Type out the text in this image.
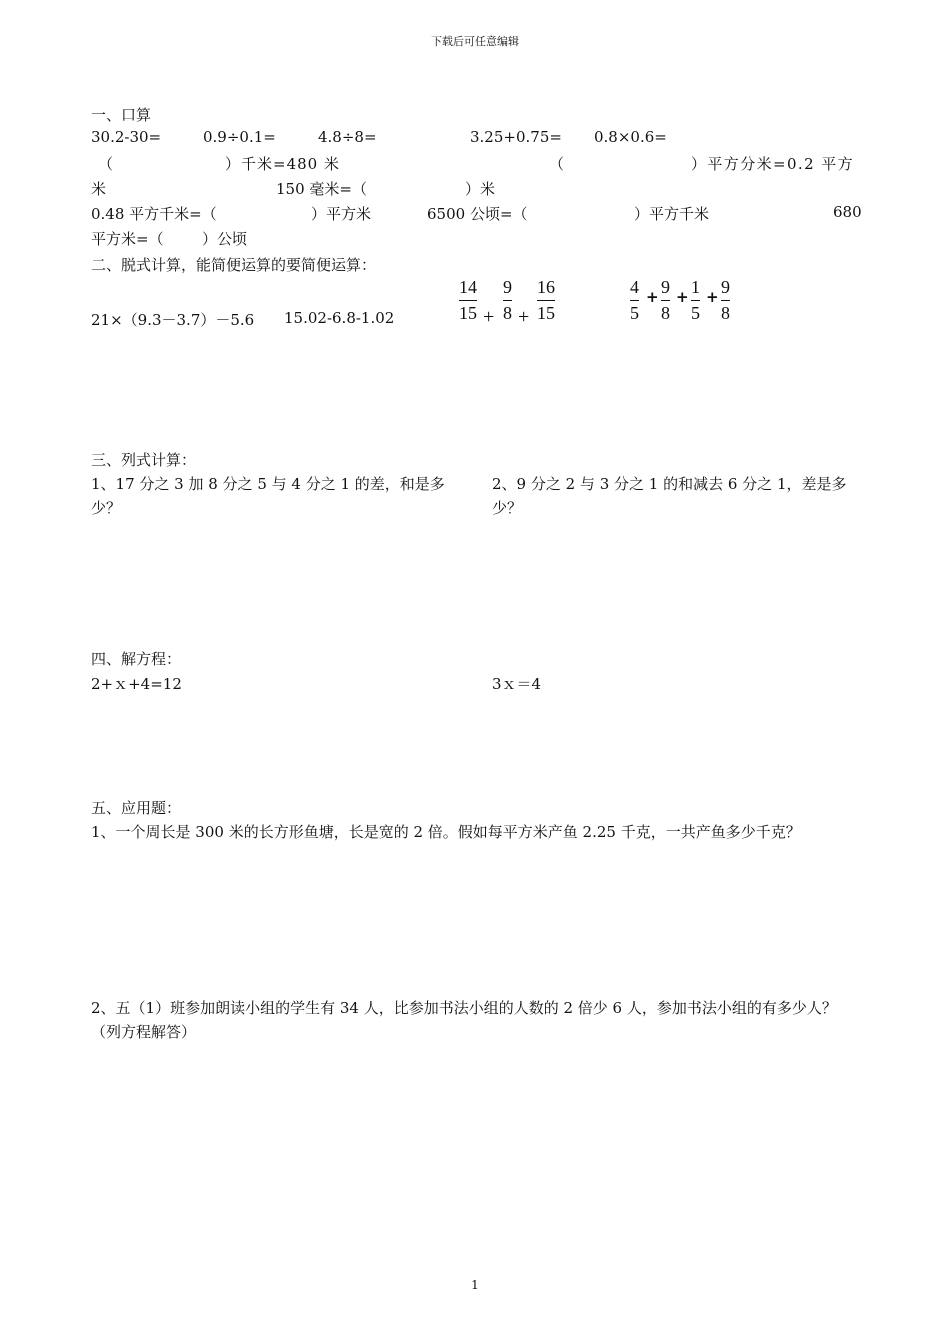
下载后可任意编辑
一、口算
30.2-30=	0.9÷0.1=	4.8÷8=	3.25+0.75= 0.8×0.6=
（	）千米=480 米	（	）平方分米=0.2 平方
米	150 毫米=（	）米
0.48 平方千米=（	）平方米	6500 公顷=（	）平方千米	680
平方米=（	）公顷
二、脱式计算，能简便运算的要简便运算：
21×（9.3－3.7）－5.6 15.02-6.8-1.02
14
15 +
9
8 +
16
15
4
5
+ 9
8
+ 1
5
+ 9
8
三、列式计算：
1、17 分之 3 加 8 分之 5 与 4 分之 1 的差，和是多少？
2、9 分之 2 与 3 分之 1 的和减去 6 分之 1，差是多少？
四、解方程：
2+ｘ+4=12	3ｘ＝4
五、应用题：
1、一个周长是 300 米的长方形鱼塘，长是宽的 2 倍。假如每平方米产鱼 2.25 千克，一共产鱼多少千克？
2、五（1）班参加朗读小组的学生有 34 人，比参加书法小组的人数的 2 倍少 6 人，参加书法小组的有多少人？（列方程解答）
1
